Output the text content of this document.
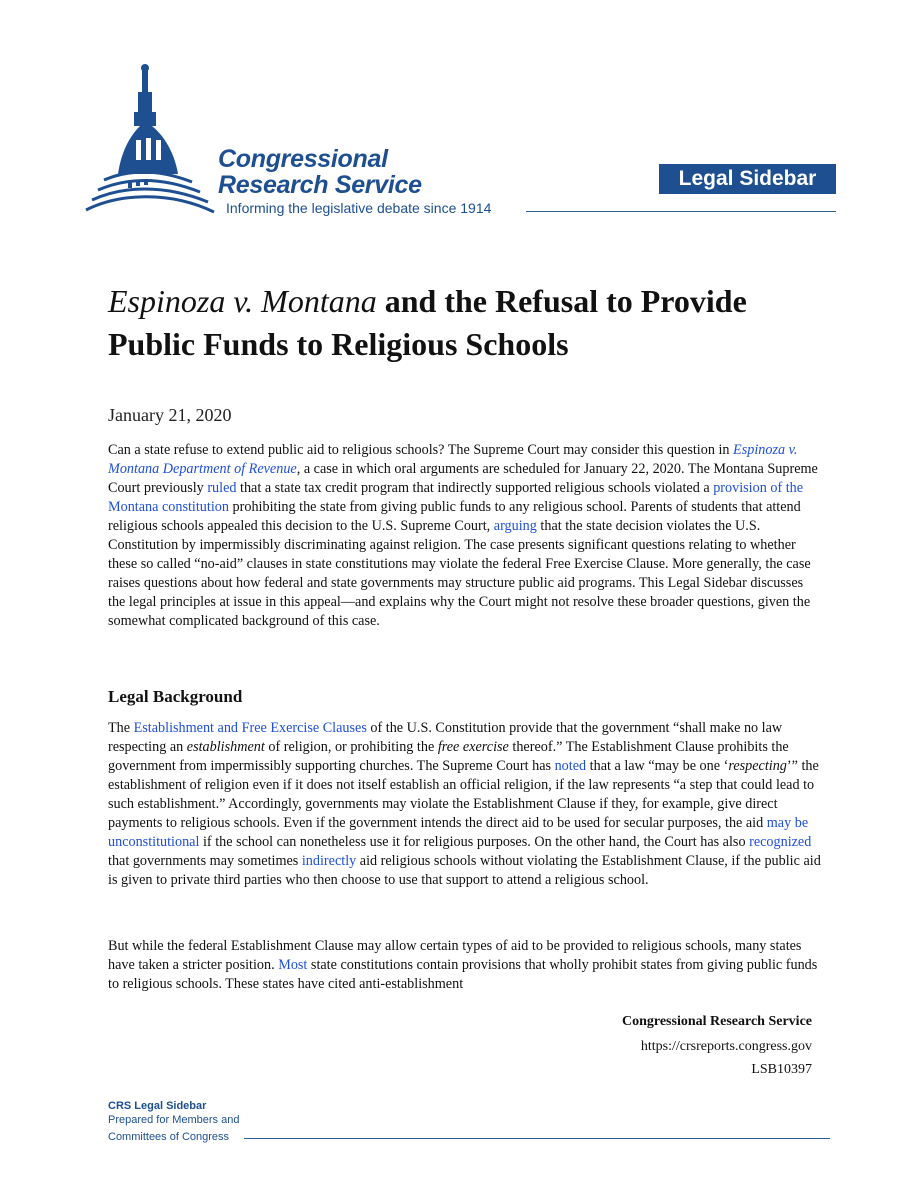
Congressional
Research Service
Informing the legislative debate since 1914
Legal Sidebar
Espinoza v. Montana and the Refusal to Provide Public Funds to Religious Schools
January 21, 2020

Can a state refuse to extend public aid to religious schools? The Supreme Court may consider this question in Espinoza v. Montana Department of Revenue, a case in which oral arguments are scheduled for January 22, 2020. The Montana Supreme Court previously ruled that a state tax credit program that indirectly supported religious schools violated a provision of the Montana constitution prohibiting the state from giving public funds to any religious school. Parents of students that attend religious schools appealed this decision to the U.S. Supreme Court, arguing that the state decision violates the U.S. Constitution by impermissibly discriminating against religion. The case presents significant questions relating to whether these so called “no-aid” clauses in state constitutions may violate the federal Free Exercise Clause. More generally, the case raises questions about how federal and state governments may structure public aid programs. This Legal Sidebar discusses the legal principles at issue in this appeal—and explains why the Court might not resolve these broader questions, given the somewhat complicated background of this case.

Legal Background

The Establishment and Free Exercise Clauses of the U.S. Constitution provide that the government “shall make no law respecting an establishment of religion, or prohibiting the free exercise thereof.” The Establishment Clause prohibits the government from impermissibly supporting churches. The Supreme Court has noted that a law “may be one ‘respecting’” the establishment of religion even if it does not itself establish an official religion, if the law represents “a step that could lead to such establishment.” Accordingly, governments may violate the Establishment Clause if they, for example, give direct payments to religious schools. Even if the government intends the direct aid to be used for secular purposes, the aid may be unconstitutional if the school can nonetheless use it for religious purposes. On the other hand, the Court has also recognized that governments may sometimes indirectly aid religious schools without violating the Establishment Clause, if the public aid is given to private third parties who then choose to use that support to attend a religious school.

But while the federal Establishment Clause may allow certain types of aid to be provided to religious schools, many states have taken a stricter position. Most state constitutions contain provisions that wholly prohibit states from giving public funds to religious schools. These states have cited anti-establishment

Congressional Research Service
https://crsreports.congress.gov
LSB10397
CRS Legal Sidebar
Prepared for Members and
Committees of Congress
